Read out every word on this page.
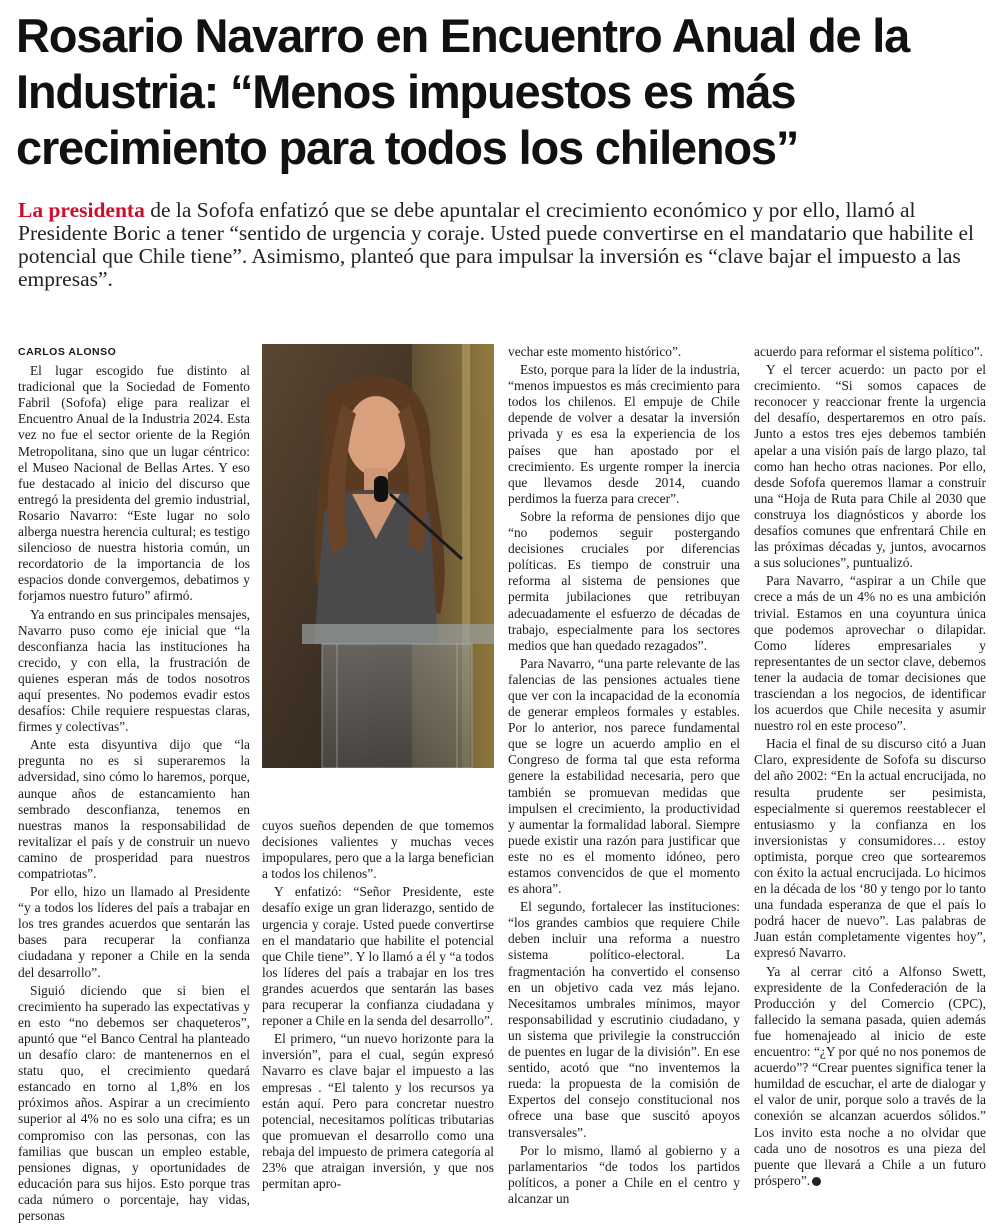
Rosario Navarro en Encuentro Anual de la Industria: “Menos impuestos es más crecimiento para todos los chilenos”

La presidenta de la Sofofa enfatizó que se debe apuntalar el crecimiento económico y por ello, llamó al Presidente Boric a tener “sentido de urgencia y coraje. Usted puede convertirse en el mandatario que habilite el potencial que Chile tiene”. Asimismo, planteó que para impulsar la inversión es “clave bajar el impuesto a las empresas”.

CARLOS ALONSO

El lugar escogido fue distinto al tradicional que la Sociedad de Fomento Fabril (Sofofa) elige para realizar el Encuentro Anual de la Industria 2024. Esta vez no fue el sector oriente de la Región Metropolitana, sino que un lugar céntrico: el Museo Nacional de Bellas Artes. Y eso fue destacado al inicio del discurso que entregó la presidenta del gremio industrial, Rosario Navarro: “Este lugar no solo alberga nuestra herencia cultural; es testigo silencioso de nuestra historia común, un recordatorio de la importancia de los espacios donde convergemos, debatimos y forjamos nuestro futuro” afirmó.

Ya entrando en sus principales mensajes, Navarro puso como eje inicial que “la desconfianza hacia las instituciones ha crecido, y con ella, la frustración de quienes esperan más de todos nosotros aquí presentes. No podemos evadir estos desafíos: Chile requiere respuestas claras, firmes y colectivas”.

Ante esta disyuntiva dijo que “la pregunta no es si superaremos la adversidad, sino cómo lo haremos, porque, aunque años de estancamiento han sembrado desconfianza, tenemos en nuestras manos la responsabilidad de revitalizar el país y de construir un nuevo camino de prosperidad para nuestros compatriotas”.

Por ello, hizo un llamado al Presidente “y a todos los líderes del país a trabajar en los tres grandes acuerdos que sentarán las bases para recuperar la confianza ciudadana y reponer a Chile en la senda del desarrollo”.

Siguió diciendo que si bien el crecimiento ha superado las expectativas y en esto “no debemos ser chaqueteros”, apuntó que “el Banco Central ha planteado un desafío claro: de mantenernos en el statu quo, el crecimiento quedará estancado en torno al 1,8% en los próximos años. Aspirar a un crecimiento superior al 4% no es solo una cifra; es un compromiso con las personas, con las familias que buscan un empleo estable, pensiones dignas, y oportunidades de educación para sus hijos. Esto porque tras cada número o porcentaje, hay vidas, personas

cuyos sueños dependen de que tomemos decisiones valientes y muchas veces impopulares, pero que a la larga benefician a todos los chilenos”.

Y enfatizó: “Señor Presidente, este desafío exige un gran liderazgo, sentido de urgencia y coraje. Usted puede convertirse en el mandatario que habilite el potencial que Chile tiene”. Y lo llamó a él y “a todos los líderes del país a trabajar en los tres grandes acuerdos que sentarán las bases para recuperar la confianza ciudadana y reponer a Chile en la senda del desarrollo”.

El primero, “un nuevo horizonte para la inversión”, para el cual, según expresó Navarro es clave bajar el impuesto a las empresas . “El talento y los recursos ya están aquí. Pero para concretar nuestro potencial, necesitamos políticas tributarias que promuevan el desarrollo como una rebaja del impuesto de primera categoría al 23% que atraigan inversión, y que nos permitan apro-

vechar este momento histórico”.

Esto, porque para la líder de la industria, “menos impuestos es más crecimiento para todos los chilenos. El empuje de Chile depende de volver a desatar la inversión privada y es esa la experiencia de los países que han apostado por el crecimiento. Es urgente romper la inercia que llevamos desde 2014, cuando perdimos la fuerza para crecer”.

Sobre la reforma de pensiones dijo que “no podemos seguir postergando decisiones cruciales por diferencias políticas. Es tiempo de construir una reforma al sistema de pensiones que permita jubilaciones que retribuyan adecuadamente el esfuerzo de décadas de trabajo, especialmente para los sectores medios que han quedado rezagados”.

Para Navarro, “una parte relevante de las falencias de las pensiones actuales tiene que ver con la incapacidad de la economía de generar empleos formales y estables. Por lo anterior, nos parece fundamental que se logre un acuerdo amplio en el Congreso de forma tal que esta reforma genere la estabilidad necesaria, pero que también se promuevan medidas que impulsen el crecimiento, la productividad y aumentar la formalidad laboral. Siempre puede existir una razón para justificar que este no es el momento idóneo, pero estamos convencidos de que el momento es ahora”.

El segundo, fortalecer las instituciones: “los grandes cambios que requiere Chile deben incluir una reforma a nuestro sistema político-electoral. La fragmentación ha convertido el consenso en un objetivo cada vez más lejano. Necesitamos umbrales mínimos, mayor responsabilidad y escrutinio ciudadano, y un sistema que privilegie la construcción de puentes en lugar de la división”. En ese sentido, acotó que “no inventemos la rueda: la propuesta de la comisión de Expertos del consejo constitucional nos ofrece una base que suscitó apoyos transversales”.

Por lo mismo, llamó al gobierno y a parlamentarios “de todos los partidos políticos, a poner a Chile en el centro y alcanzar un

acuerdo para reformar el sistema político”.

Y el tercer acuerdo: un pacto por el crecimiento. “Si somos capaces de reconocer y reaccionar frente la urgencia del desafío, despertaremos en otro país. Junto a estos tres ejes debemos también apelar a una visión país de largo plazo, tal como han hecho otras naciones. Por ello, desde Sofofa queremos llamar a construir una “Hoja de Ruta para Chile al 2030 que construya los diagnósticos y aborde los desafíos comunes que enfrentará Chile en las próximas décadas y, juntos, avocarnos a sus soluciones”, puntualizó.

Para Navarro, “aspirar a un Chile que crece a más de un 4% no es una ambición trivial. Estamos en una coyuntura única que podemos aprovechar o dilapidar. Como líderes empresariales y representantes de un sector clave, debemos tener la audacia de tomar decisiones que trasciendan a los negocios, de identificar los acuerdos que Chile necesita y asumir nuestro rol en este proceso”.

Hacia el final de su discurso citó a Juan Claro, expresidente de Sofofa su discurso del año 2002: “En la actual encrucijada, no resulta prudente ser pesimista, especialmente si queremos reestablecer el entusiasmo y la confianza en los inversionistas y consumidores… estoy optimista, porque creo que sortearemos con éxito la actual encrucijada. Lo hicimos en la década de los ‘80 y tengo por lo tanto una fundada esperanza de que el país lo podrá hacer de nuevo”. Las palabras de Juan están completamente vigentes hoy”, expresó Navarro.

Ya al cerrar citó a Alfonso Swett, expresidente de la Confederación de la Producción y del Comercio (CPC), fallecido la semana pasada, quien además fue homenajeado al inicio de este encuentro: “¿Y por qué no nos ponemos de acuerdo”? “Crear puentes significa tener la humildad de escuchar, el arte de dialogar y el valor de unir, porque solo a través de la conexión se alcanzan acuerdos sólidos.” Los invito esta noche a no olvidar que cada uno de nosotros es una pieza del puente que llevará a Chile a un futuro próspero”.
